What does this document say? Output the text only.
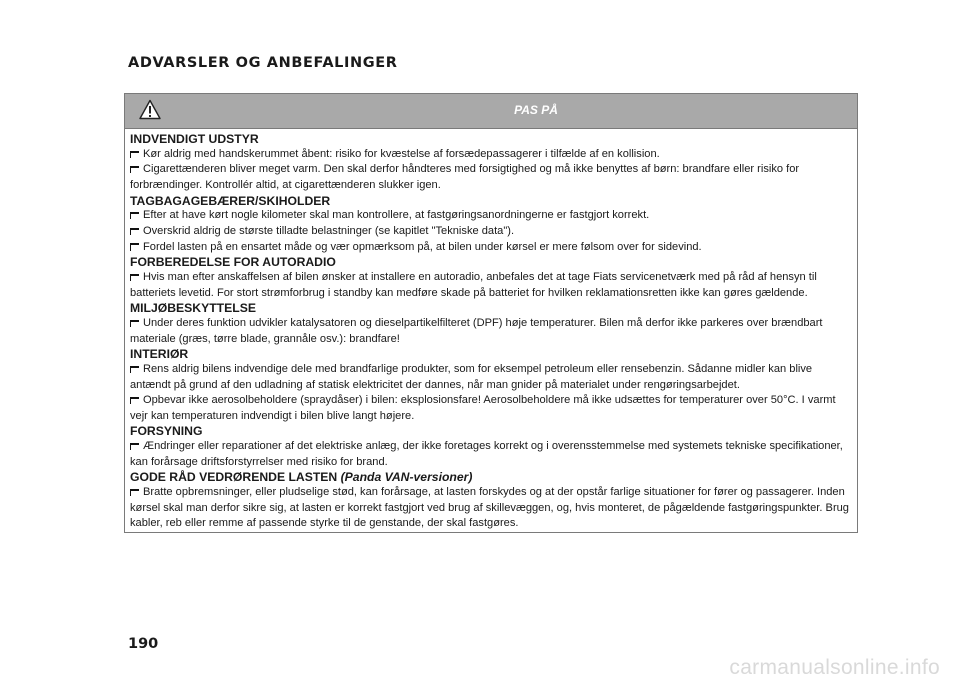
ADVARSLER OG ANBEFALINGER
PAS PÅ
INDVENDIGT UDSTYR
Kør aldrig med handskerummet åbent: risiko for kvæstelse af forsædepassagerer i tilfælde af en kollision.
Cigarettænderen bliver meget varm. Den skal derfor håndteres med forsigtighed og må ikke benyttes af børn: brandfare eller risiko for forbrændinger. Kontrollér altid, at cigarettænderen slukker igen.
TAGBAGAGEBÆRER/SKIHOLDER
Efter at have kørt nogle kilometer skal man kontrollere, at fastgøringsanordningerne er fastgjort korrekt.
Overskrid aldrig de største tilladte belastninger (se kapitlet "Tekniske data").
Fordel lasten på en ensartet måde og vær opmærksom på, at bilen under kørsel er mere følsom over for sidevind.
FORBEREDELSE FOR AUTORADIO
Hvis man efter anskaffelsen af bilen ønsker at installere en autoradio, anbefales det at tage Fiats servicenetværk med på råd af hensyn til batteriets levetid. For stort strømforbrug i standby kan medføre skade på batteriet for hvilken reklamationsretten ikke kan gøres gældende.
MILJØBESKYTTELSE
Under deres funktion udvikler katalysatoren og dieselpartikelfilteret (DPF) høje temperaturer. Bilen må derfor ikke parkeres over brændbart materiale (græs, tørre blade, grannåle osv.): brandfare!
INTERIØR
Rens aldrig bilens indvendige dele med brandfarlige produkter, som for eksempel petroleum eller rensebenzin. Sådanne midler kan blive antændt på grund af den udladning af statisk elektricitet der dannes, når man gnider på materialet under rengøringsarbejdet.
Opbevar ikke aerosolbeholdere (spraydåser) i bilen: eksplosionsfare! Aerosolbeholdere må ikke udsættes for temperaturer over 50°C. I varmt vejr kan temperaturen indvendigt i bilen blive langt højere.
FORSYNING
Ændringer eller reparationer af det elektriske anlæg, der ikke foretages korrekt og i overensstemmelse med systemets tekniske specifikationer, kan forårsage driftsforstyrrelser med risiko for brand.
GODE RÅD VEDRØRENDE LASTEN (Panda VAN-versioner)
Bratte opbremsninger, eller pludselige stød, kan forårsage, at lasten forskydes og at der opstår farlige situationer for fører og passagerer. Inden kørsel skal man derfor sikre sig, at lasten er korrekt fastgjort ved brug af skillevæggen, og, hvis monteret, de pågældende fastgøringspunkter. Brug kabler, reb eller remme af passende styrke til de genstande, der skal fastgøres.
190
carmanualsonline.info
